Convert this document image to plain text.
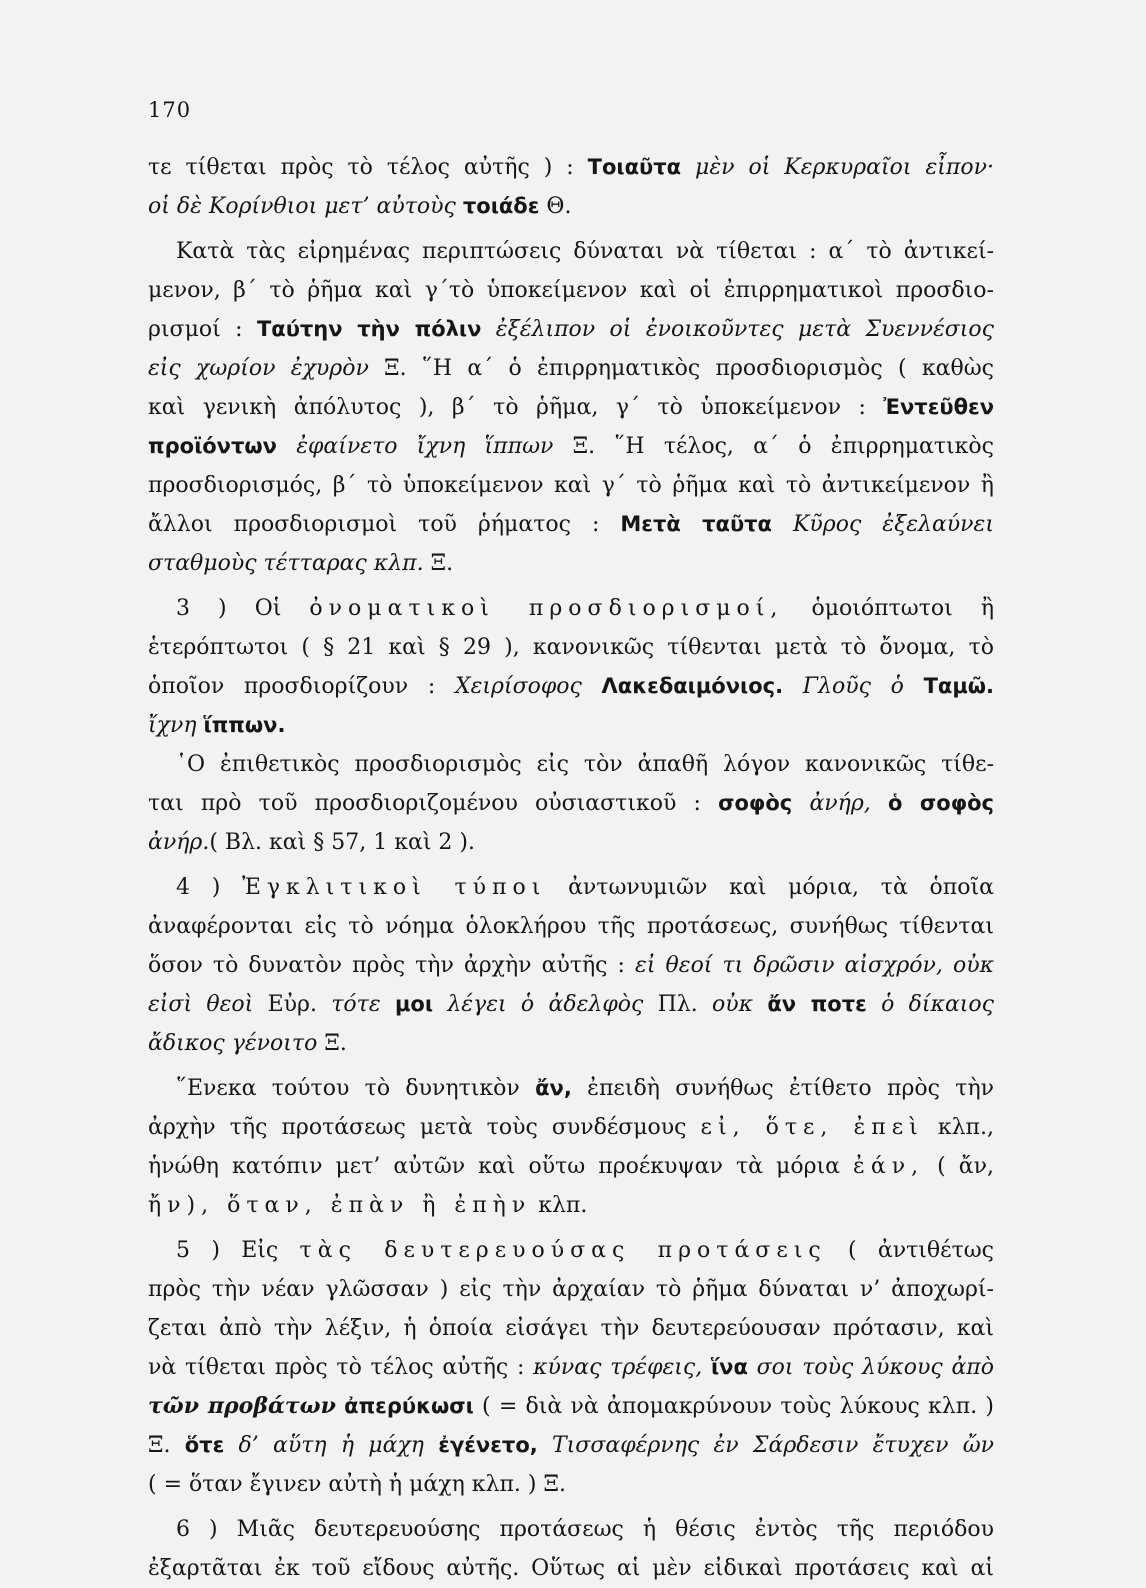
170
τε τίθεται πρὸς τὸ τέλος αὐτῆς ) : Τοιαῦτα μὲν οἱ Κερκυραῖοι εἶπον·
οἱ δὲ Κορίνθιοι μετ’ αὐτοὺς τοιάδε Θ.
Κατὰ τὰς εἰρημένας περιπτώσεις δύναται νὰ τίθεται : α΄ τὸ ἀντικεί-
μενον, β΄ τὸ ῥῆμα καὶ γ΄τὸ ὑποκείμενον καὶ οἱ ἐπιρρηματικοὶ προσδιο-
ρισμοί : Ταύτην τὴν πόλιν ἐξέλιπον οἱ ἐνοικοῦντες μετὰ Συεννέσιος
εἰς χωρίον ἐχυρὸν Ξ. ῞Η α΄ ὁ ἐπιρρηματικὸς προσδιορισμὸς ( καθὼς
καὶ γενικὴ ἀπόλυτος ), β΄ τὸ ῥῆμα, γ΄ τὸ ὑποκείμενον : Ἐντεῦθεν
προϊόντων ἐφαίνετο ἴχνη ἵππων Ξ. ῞Η τέλος, α΄ ὁ ἐπιρρηματικὸς
προσδιορισμός, β΄ τὸ ὑποκείμενον καὶ γ΄ τὸ ῥῆμα καὶ τὸ ἀντικείμενον ἢ
ἄλλοι προσδιορισμοὶ τοῦ ῥήματος : Μετὰ ταῦτα Κῦρος ἐξελαύνει
σταθμοὺς τέτταρας κλπ. Ξ.
3 ) Οἱ ὀνοματικοὶ προσδιορισμοί, ὁμοιόπτωτοι ἢ
ἑτερόπτωτοι ( § 21 καὶ § 29 ), κανονικῶς τίθενται μετὰ τὸ ὄνομα, τὸ
ὁποῖον προσδιορίζουν : Χειρίσοφος Λακεδαιμόνιος. Γλοῦς ὁ Ταμῶ.
ἴχνη ἵππων.
῾Ο ἐπιθετικὸς προσδιορισμὸς εἰς τὸν ἀπαθῆ λόγον κανονικῶς τίθε-
ται πρὸ τοῦ προσδιοριζομένου οὐσιαστικοῦ : σοφὸς ἀνήρ, ὁ σοφὸς
ἀνήρ.( Βλ. καὶ § 57, 1 καὶ 2 ).
4 ) Ἐγκλιτικοὶ τύποι ἀντωνυμιῶν καὶ μόρια, τὰ ὁποῖα
ἀναφέρονται εἰς τὸ νόημα ὁλοκλήρου τῆς προτάσεως, συνήθως τίθενται
ὅσον τὸ δυνατὸν πρὸς τὴν ἀρχὴν αὐτῆς : εἰ θεοί τι δρῶσιν αἰσχρόν, οὐκ
εἰσὶ θεοὶ Εὐρ. τότε μοι λέγει ὁ ἀδελφὸς Πλ. οὐκ ἄν ποτε ὁ δίκαιος
ἄδικος γένοιτο Ξ.
῞Ενεκα τούτου τὸ δυνητικὸν ἄν, ἐπειδὴ συνήθως ἐτίθετο πρὸς τὴν
ἀρχὴν τῆς προτάσεως μετὰ τοὺς συνδέσμους εἰ, ὅτε, ἐπεὶ κλπ.,
ἡνώθη κατόπιν μετ’ αὐτῶν καὶ οὕτω προέκυψαν τὰ μόρια ἐάν, ( ἄν,
ἤν), ὅταν, ἐπὰν ἢ ἐπὴν κλπ.
5 ) Εἰς τὰς δευτερευούσας προτάσεις ( ἀντιθέτως
πρὸς τὴν νέαν γλῶσσαν ) εἰς τὴν ἀρχαίαν τὸ ῥῆμα δύναται ν’ ἀποχωρί-
ζεται ἀπὸ τὴν λέξιν, ἡ ὁποία εἰσάγει τὴν δευτερεύουσαν πρότασιν, καὶ
νὰ τίθεται πρὸς τὸ τέλος αὐτῆς : κύνας τρέφεις, ἵνα σοι τοὺς λύκους ἀπὸ
τῶν προβάτων ἀπερύκωσι ( = διὰ νὰ ἀπομακρύνουν τοὺς λύκους κλπ. )
Ξ. ὅτε δ’ αὕτη ἡ μάχη ἐγένετο, Τισσαφέρνης ἐν Σάρδεσιν ἔτυχεν ὤν
( = ὅταν ἔγινεν αὐτὴ ἡ μάχη κλπ. ) Ξ.
6 ) Μιᾶς δευτερευούσης προτάσεως ἡ θέσις ἐντὸς τῆς περιόδου
ἐξαρτᾶται ἐκ τοῦ εἴδους αὐτῆς. Οὕτως αἱ μὲν εἰδικαὶ προτάσεις καὶ αἱ
